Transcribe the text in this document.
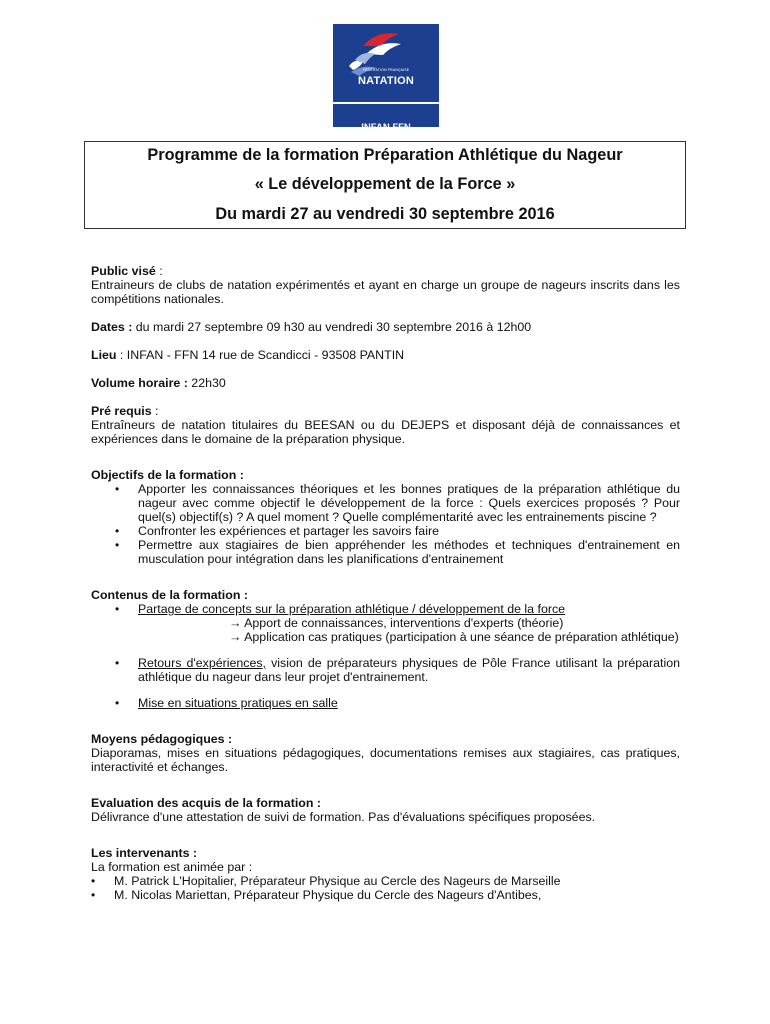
FÉDÉRATION FRANÇAISE
NATATION
INFAN FFN
Programme de la formation Préparation Athlétique du Nageur
« Le développement de la Force »
Du mardi 27 au vendredi 30 septembre 2016
Public visé :
Entraineurs de clubs de natation expérimentés et ayant en charge un groupe de nageurs inscrits dans les compétitions nationales.
Dates : du mardi 27 septembre 09 h30 au vendredi 30 septembre 2016 à 12h00
Lieu : INFAN - FFN 14 rue de Scandicci - 93508 PANTIN
Volume horaire : 22h30
Pré requis :
Entraîneurs de natation titulaires du BEESAN ou du DEJEPS et disposant déjà de connaissances et expériences dans le domaine de la préparation physique.
Objectifs de la formation :
• Apporter les connaissances théoriques et les bonnes pratiques de la préparation athlétique du nageur avec comme objectif le développement de la force : Quels exercices proposés ? Pour quel(s) objectif(s) ? A quel moment ? Quelle complémentarité avec les entrainements piscine ?
• Confronter les expériences et partager les savoirs faire
• Permettre aux stagiaires de bien appréhender les méthodes et techniques d'entrainement en musculation pour intégration dans les planifications d'entrainement
Contenus de la formation :
• Partage de concepts sur la préparation athlétique / développement de la force
→ Apport de connaissances, interventions d'experts (théorie)
→ Application cas pratiques (participation à une séance de préparation athlétique)
• Retours d'expériences, vision de préparateurs physiques de Pôle France utilisant la préparation athlétique du nageur dans leur projet d'entrainement.
• Mise en situations pratiques en salle
Moyens pédagogiques :
Diaporamas, mises en situations pédagogiques, documentations remises aux stagiaires, cas pratiques, interactivité et échanges.
Evaluation des acquis de la formation :
Délivrance d'une attestation de suivi de formation. Pas d'évaluations spécifiques proposées.
Les intervenants :
La formation est animée par :
• M. Patrick L'Hopitalier, Préparateur Physique au Cercle des Nageurs de Marseille
• M. Nicolas Mariettan, Préparateur Physique du Cercle des Nageurs d'Antibes,
